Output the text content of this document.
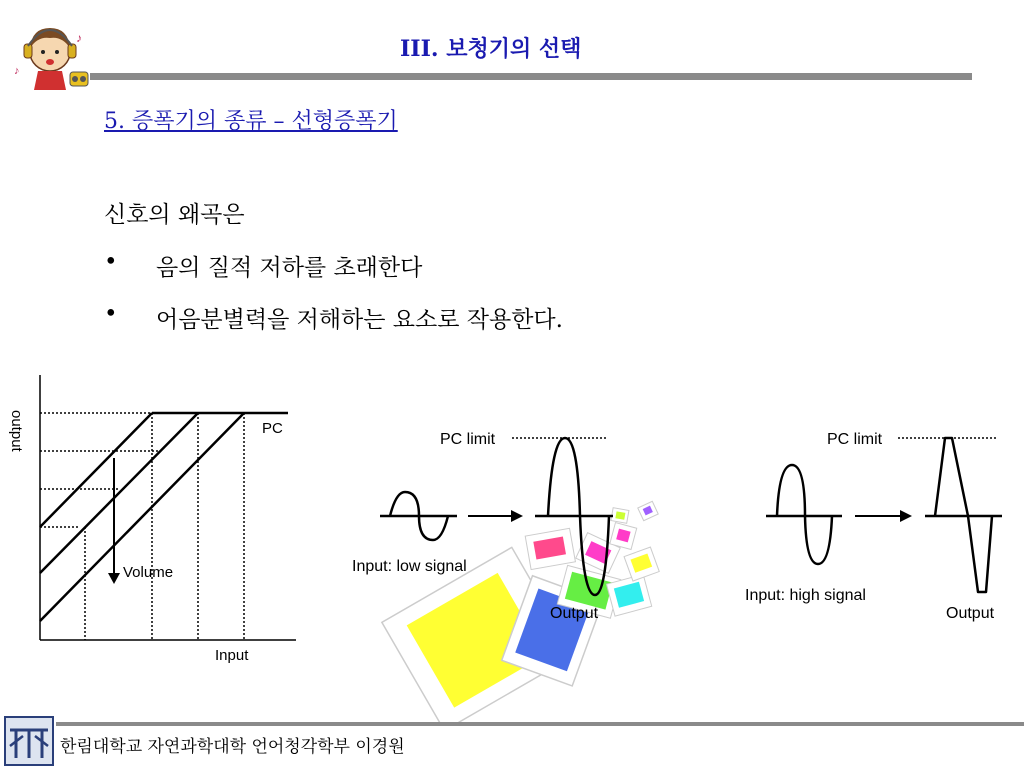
♪
♪
III. 보청기의 선택
5. 증폭기의 종류 – 선형증폭기
신호의 왜곡은
• 음의 질적 저하를 초래한다
• 어음분별력을 저해하는 요소로 작용한다.
output
Input
PC
Volume
PC limit
Input: low signal
Output
PC limit
Input: high signal
Output
한림대학교 자연과학대학 언어청각학부 이경원
